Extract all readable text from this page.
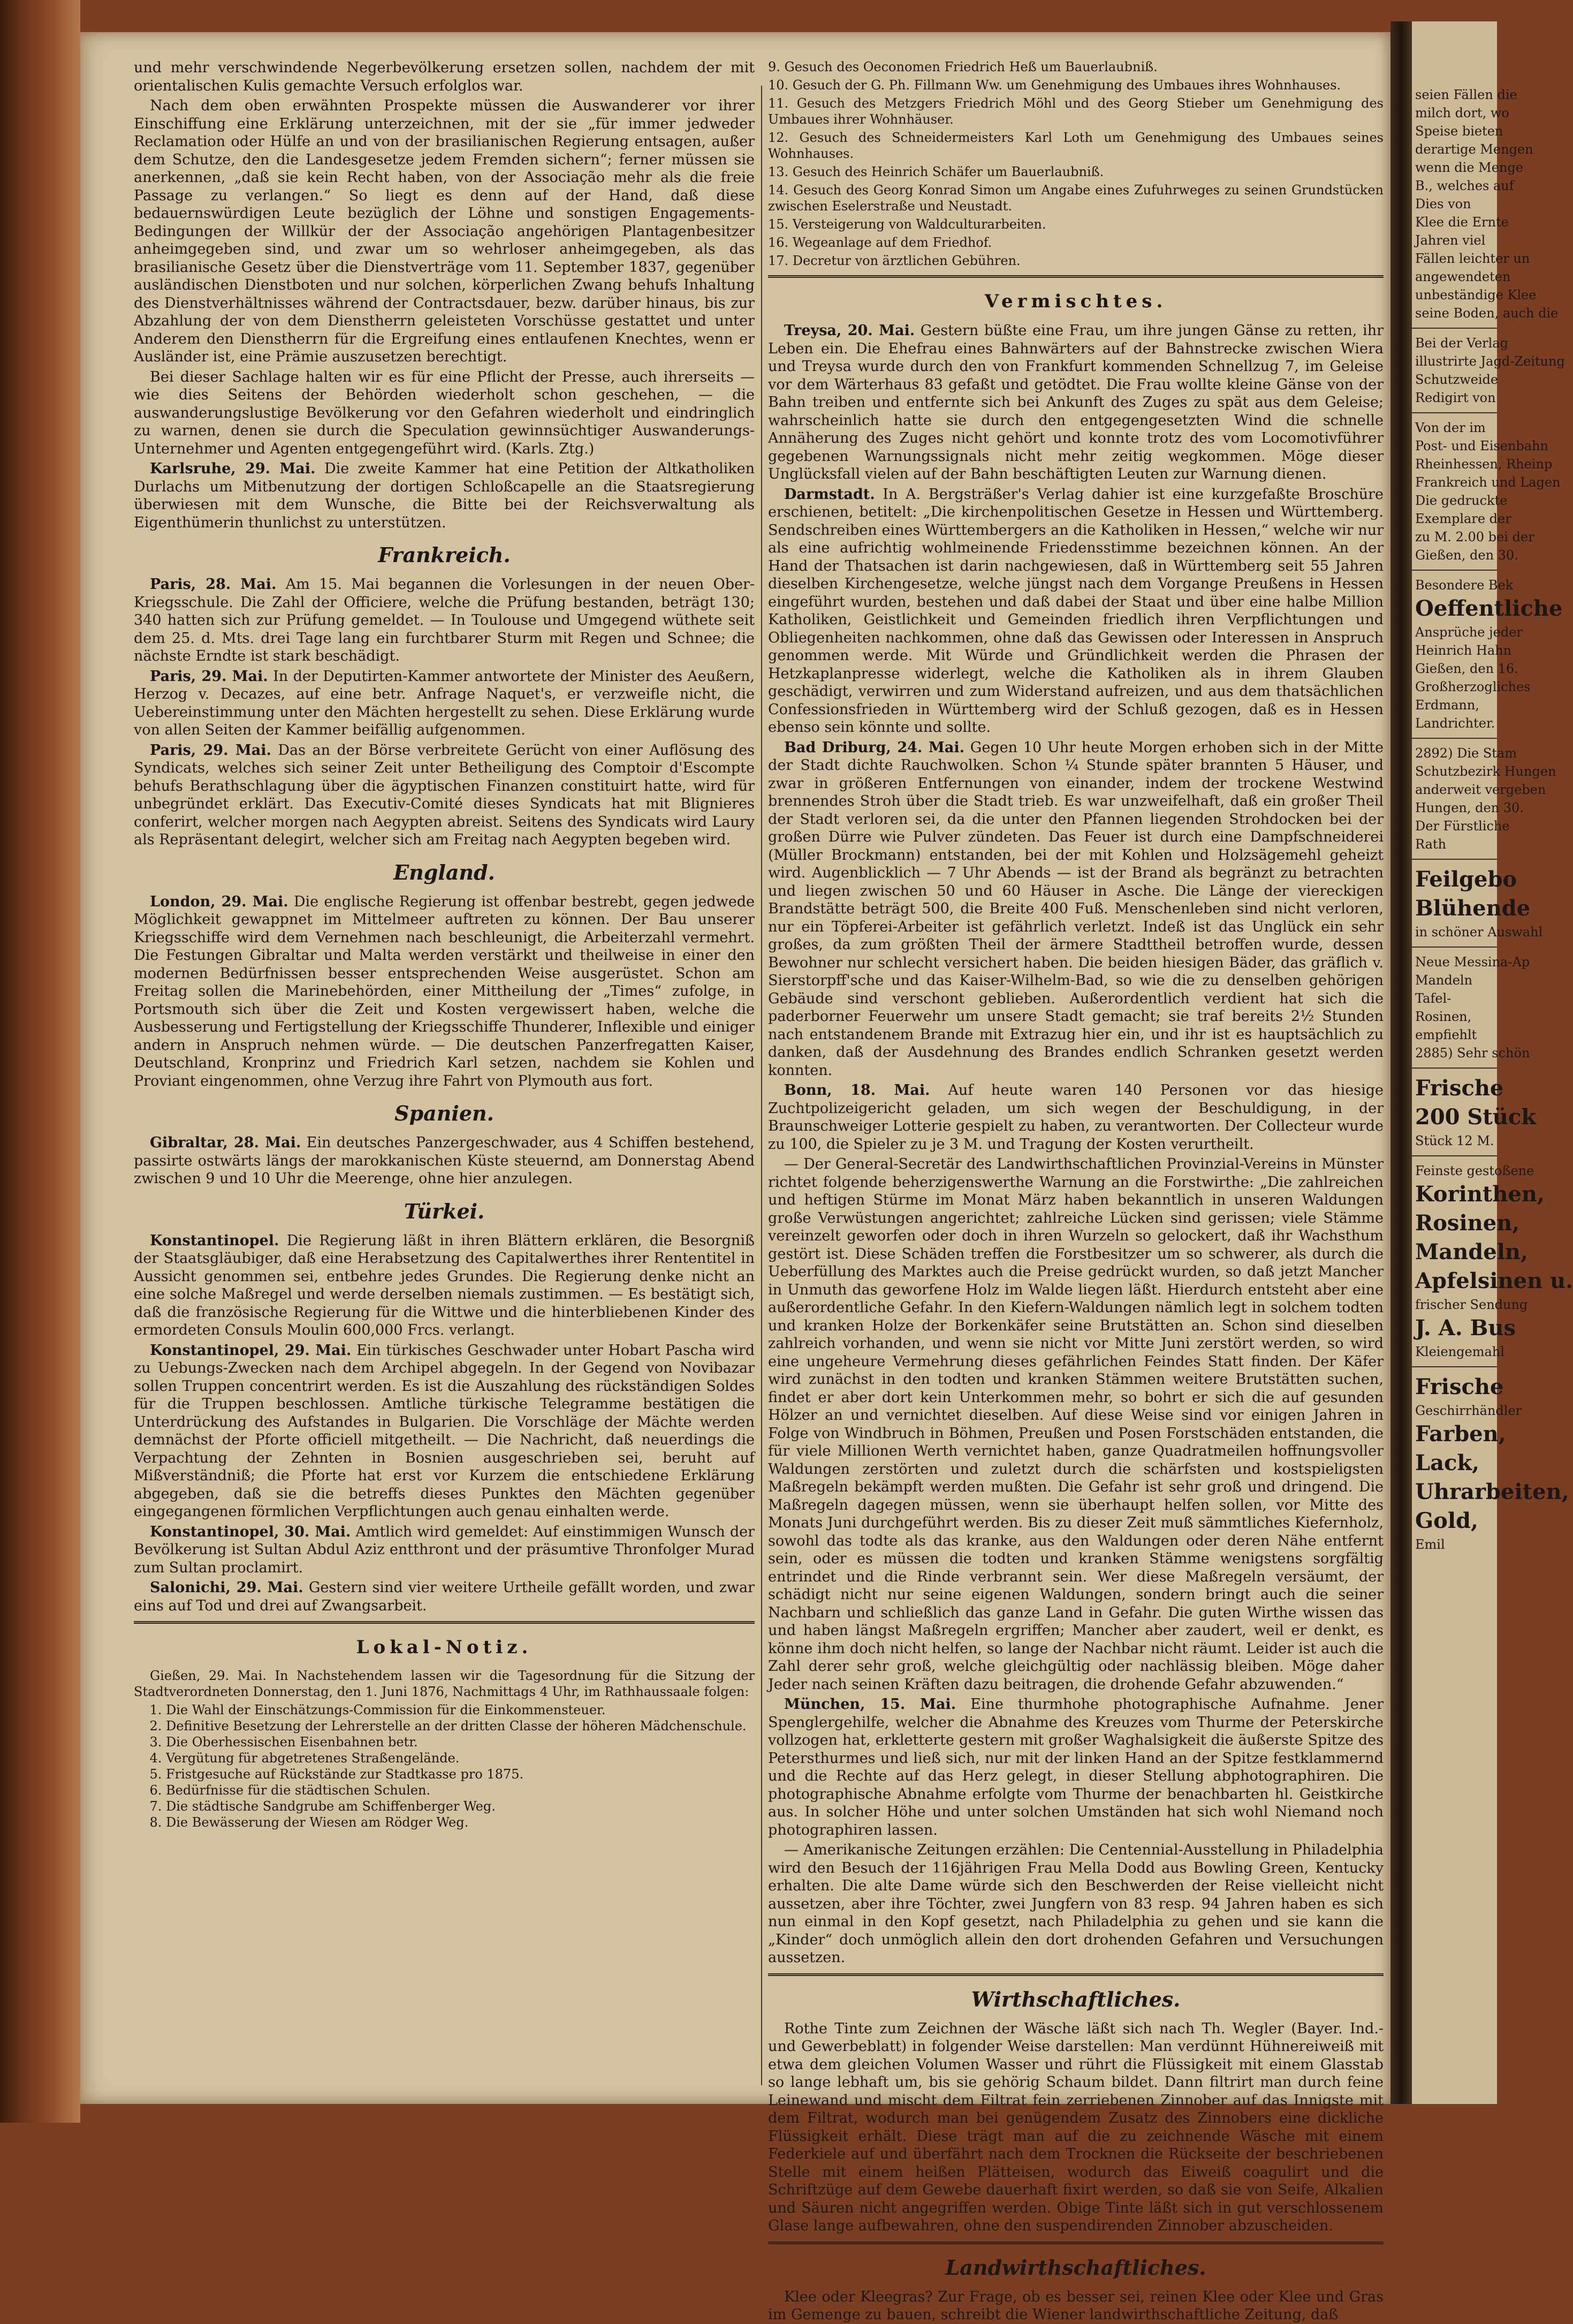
und mehr verschwindende Negerbevölkerung ersetzen sollen, nachdem der mit orientalischen Kulis gemachte Versuch erfolglos war.

Nach dem oben erwähnten Prospekte müssen die Auswanderer vor ihrer Einschiffung eine Erklärung unterzeichnen, mit der sie „für immer jedweder Reclamation oder Hülfe an und von der brasilianischen Regierung entsagen, außer dem Schutze, den die Landesgesetze jedem Fremden sichern“; ferner müssen sie anerkennen, „daß sie kein Recht haben, von der Associação mehr als die freie Passage zu verlangen.“ So liegt es denn auf der Hand, daß diese bedauernswürdigen Leute bezüglich der Löhne und sonstigen Engagements-Bedingungen der Willkür der der Associação angehörigen Plantagenbesitzer anheimgegeben sind, und zwar um so wehrloser anheimgegeben, als das brasilianische Gesetz über die Dienstverträge vom 11. September 1837, gegenüber ausländischen Dienstboten und nur solchen, körperlichen Zwang behufs Inhaltung des Dienstverhältnisses während der Contractsdauer, bezw. darüber hinaus, bis zur Abzahlung der von dem Dienstherrn geleisteten Vorschüsse gestattet und unter Anderem den Dienstherrn für die Ergreifung eines entlaufenen Knechtes, wenn er Ausländer ist, eine Prämie auszusetzen berechtigt.

Bei dieser Sachlage halten wir es für eine Pflicht der Presse, auch ihrerseits — wie dies Seitens der Behörden wiederholt schon geschehen, — die auswanderungslustige Bevölkerung vor den Gefahren wiederholt und eindringlich zu warnen, denen sie durch die Speculation gewinnsüchtiger Auswanderungs-Unternehmer und Agenten entgegengeführt wird. (Karls. Ztg.)

Karlsruhe, 29. Mai. Die zweite Kammer hat eine Petition der Altkatholiken Durlachs um Mitbenutzung der dortigen Schloßcapelle an die Staatsregierung überwiesen mit dem Wunsche, die Bitte bei der Reichsverwaltung als Eigenthümerin thunlichst zu unterstützen.

Frankreich.

Paris, 28. Mai. Am 15. Mai begannen die Vorlesungen in der neuen Ober-Kriegsschule. Die Zahl der Officiere, welche die Prüfung bestanden, beträgt 130; 340 hatten sich zur Prüfung gemeldet. — In Toulouse und Umgegend wüthete seit dem 25. d. Mts. drei Tage lang ein furchtbarer Sturm mit Regen und Schnee; die nächste Erndte ist stark beschädigt.

Paris, 29. Mai. In der Deputirten-Kammer antwortete der Minister des Aeußern, Herzog v. Decazes, auf eine betr. Anfrage Naquet's, er verzweifle nicht, die Uebereinstimmung unter den Mächten hergestellt zu sehen. Diese Erklärung wurde von allen Seiten der Kammer beifällig aufgenommen.

Paris, 29. Mai. Das an der Börse verbreitete Gerücht von einer Auflösung des Syndicats, welches sich seiner Zeit unter Betheiligung des Comptoir d'Escompte behufs Berathschlagung über die ägyptischen Finanzen constituirt hatte, wird für unbegründet erklärt. Das Executiv-Comité dieses Syndicats hat mit Blignieres conferirt, welcher morgen nach Aegypten abreist. Seitens des Syndicats wird Laury als Repräsentant delegirt, welcher sich am Freitag nach Aegypten begeben wird.

England.

London, 29. Mai. Die englische Regierung ist offenbar bestrebt, gegen jedwede Möglichkeit gewappnet im Mittelmeer auftreten zu können. Der Bau unserer Kriegsschiffe wird dem Vernehmen nach beschleunigt, die Arbeiterzahl vermehrt. Die Festungen Gibraltar und Malta werden verstärkt und theilweise in einer den modernen Bedürfnissen besser entsprechenden Weise ausgerüstet. Schon am Freitag sollen die Marinebehörden, einer Mittheilung der „Times“ zufolge, in Portsmouth sich über die Zeit und Kosten vergewissert haben, welche die Ausbesserung und Fertigstellung der Kriegsschiffe Thunderer, Inflexible und einiger andern in Anspruch nehmen würde. — Die deutschen Panzerfregatten Kaiser, Deutschland, Kronprinz und Friedrich Karl setzen, nachdem sie Kohlen und Proviant eingenommen, ohne Verzug ihre Fahrt von Plymouth aus fort.

Spanien.

Gibraltar, 28. Mai. Ein deutsches Panzergeschwader, aus 4 Schiffen bestehend, passirte ostwärts längs der marokkanischen Küste steuernd, am Donnerstag Abend zwischen 9 und 10 Uhr die Meerenge, ohne hier anzulegen.

Türkei.

Konstantinopel. Die Regierung läßt in ihren Blättern erklären, die Besorgniß der Staatsgläubiger, daß eine Herabsetzung des Capitalwerthes ihrer Rententitel in Aussicht genommen sei, entbehre jedes Grundes. Die Regierung denke nicht an eine solche Maßregel und werde derselben niemals zustimmen. — Es bestätigt sich, daß die französische Regierung für die Wittwe und die hinterbliebenen Kinder des ermordeten Consuls Moulin 600,000 Frcs. verlangt.

Konstantinopel, 29. Mai. Ein türkisches Geschwader unter Hobart Pascha wird zu Uebungs-Zwecken nach dem Archipel abgegeln. In der Gegend von Novibazar sollen Truppen concentrirt werden. Es ist die Auszahlung des rückständigen Soldes für die Truppen beschlossen. Amtliche türkische Telegramme bestätigen die Unterdrückung des Aufstandes in Bulgarien. Die Vorschläge der Mächte werden demnächst der Pforte officiell mitgetheilt. — Die Nachricht, daß neuerdings die Verpachtung der Zehnten in Bosnien ausgeschrieben sei, beruht auf Mißverständniß; die Pforte hat erst vor Kurzem die entschiedene Erklärung abgegeben, daß sie die betreffs dieses Punktes den Mächten gegenüber eingegangenen förmlichen Verpflichtungen auch genau einhalten werde.

Konstantinopel, 30. Mai. Amtlich wird gemeldet: Auf einstimmigen Wunsch der Bevölkerung ist Sultan Abdul Aziz entthront und der präsumtive Thronfolger Murad zum Sultan proclamirt.

Salonichi, 29. Mai. Gestern sind vier weitere Urtheile gefällt worden, und zwar eins auf Tod und drei auf Zwangsarbeit.

Lokal-Notiz.

Gießen, 29. Mai. In Nachstehendem lassen wir die Tagesordnung für die Sitzung der Stadtverordneten Donnerstag, den 1. Juni 1876, Nachmittags 4 Uhr, im Rathhaussaale folgen:

1. Die Wahl der Einschätzungs-Commission für die Einkommensteuer.
2. Definitive Besetzung der Lehrerstelle an der dritten Classe der höheren Mädchenschule.
3. Die Oberhessischen Eisenbahnen betr.
4. Vergütung für abgetretenes Straßengelände.
5. Fristgesuche auf Rückstände zur Stadtkasse pro 1875.
6. Bedürfnisse für die städtischen Schulen.
7. Die städtische Sandgrube am Schiffenberger Weg.
8. Die Bewässerung der Wiesen am Rödger Weg.

9. Gesuch des Oeconomen Friedrich Heß um Bauerlaubniß.

10. Gesuch der G. Ph. Fillmann Ww. um Genehmigung des Umbaues ihres Wohnhauses.

11. Gesuch des Metzgers Friedrich Möhl und des Georg Stieber um Genehmigung des Umbaues ihrer Wohnhäuser.

12. Gesuch des Schneidermeisters Karl Loth um Genehmigung des Umbaues seines Wohnhauses.

13. Gesuch des Heinrich Schäfer um Bauerlaubniß.

14. Gesuch des Georg Konrad Simon um Angabe eines Zufuhrweges zu seinen Grundstücken zwischen Eselerstraße und Neustadt.

15. Versteigerung von Waldculturarbeiten.

16. Wegeanlage auf dem Friedhof.

17. Decretur von ärztlichen Gebühren.

Vermischtes.

Treysa, 20. Mai. Gestern büßte eine Frau, um ihre jungen Gänse zu retten, ihr Leben ein. Die Ehefrau eines Bahnwärters auf der Bahnstrecke zwischen Wiera und Treysa wurde durch den von Frankfurt kommenden Schnellzug 7, im Geleise vor dem Wärterhaus 83 gefaßt und getödtet. Die Frau wollte kleine Gänse von der Bahn treiben und entfernte sich bei Ankunft des Zuges zu spät aus dem Geleise; wahrscheinlich hatte sie durch den entgegengesetzten Wind die schnelle Annäherung des Zuges nicht gehört und konnte trotz des vom Locomotivführer gegebenen Warnungssignals nicht mehr zeitig wegkommen. Möge dieser Unglücksfall vielen auf der Bahn beschäftigten Leuten zur Warnung dienen.

Darmstadt. In A. Bergsträßer's Verlag dahier ist eine kurzgefaßte Broschüre erschienen, betitelt: „Die kirchenpolitischen Gesetze in Hessen und Württemberg. Sendschreiben eines Württembergers an die Katholiken in Hessen,“ welche wir nur als eine aufrichtig wohlmeinende Friedensstimme bezeichnen können. An der Hand der Thatsachen ist darin nachgewiesen, daß in Württemberg seit 55 Jahren dieselben Kirchengesetze, welche jüngst nach dem Vorgange Preußens in Hessen eingeführt wurden, bestehen und daß dabei der Staat und über eine halbe Million Katholiken, Geistlichkeit und Gemeinden friedlich ihren Verpflichtungen und Obliegenheiten nachkommen, ohne daß das Gewissen oder Interessen in Anspruch genommen werde. Mit Würde und Gründlichkeit werden die Phrasen der Hetzkaplanpresse widerlegt, welche die Katholiken als in ihrem Glauben geschädigt, verwirren und zum Widerstand aufreizen, und aus dem thatsächlichen Confessionsfrieden in Württemberg wird der Schluß gezogen, daß es in Hessen ebenso sein könnte und sollte.

Bad Driburg, 24. Mai. Gegen 10 Uhr heute Morgen erhoben sich in der Mitte der Stadt dichte Rauchwolken. Schon ¼ Stunde später brannten 5 Häuser, und zwar in größeren Entfernungen von einander, indem der trockene Westwind brennendes Stroh über die Stadt trieb. Es war unzweifelhaft, daß ein großer Theil der Stadt verloren sei, da die unter den Pfannen liegenden Strohdocken bei der großen Dürre wie Pulver zündeten. Das Feuer ist durch eine Dampfschneiderei (Müller Brockmann) entstanden, bei der mit Kohlen und Holzsägemehl geheizt wird. Augenblicklich — 7 Uhr Abends — ist der Brand als begränzt zu betrachten und liegen zwischen 50 und 60 Häuser in Asche. Die Länge der viereckigen Brandstätte beträgt 500, die Breite 400 Fuß. Menschenleben sind nicht verloren, nur ein Töpferei-Arbeiter ist gefährlich verletzt. Indeß ist das Unglück ein sehr großes, da zum größten Theil der ärmere Stadttheil betroffen wurde, dessen Bewohner nur schlecht versichert haben. Die beiden hiesigen Bäder, das gräflich v. Sierstorpff'sche und das Kaiser-Wilhelm-Bad, so wie die zu denselben gehörigen Gebäude sind verschont geblieben. Außerordentlich verdient hat sich die paderborner Feuerwehr um unsere Stadt gemacht; sie traf bereits 2½ Stunden nach entstandenem Brande mit Extrazug hier ein, und ihr ist es hauptsächlich zu danken, daß der Ausdehnung des Brandes endlich Schranken gesetzt werden konnten.

Bonn, 18. Mai. Auf heute waren 140 Personen vor das hiesige Zuchtpolizeigericht geladen, um sich wegen der Beschuldigung, in der Braunschweiger Lotterie gespielt zu haben, zu verantworten. Der Collecteur wurde zu 100, die Spieler zu je 3 M. und Tragung der Kosten verurtheilt.

— Der General-Secretär des Landwirthschaftlichen Provinzial-Vereins in Münster richtet folgende beherzigenswerthe Warnung an die Forstwirthe: „Die zahlreichen und heftigen Stürme im Monat März haben bekanntlich in unseren Waldungen große Verwüstungen angerichtet; zahlreiche Lücken sind gerissen; viele Stämme vereinzelt geworfen oder doch in ihren Wurzeln so gelockert, daß ihr Wachsthum gestört ist. Diese Schäden treffen die Forstbesitzer um so schwerer, als durch die Ueberfüllung des Marktes auch die Preise gedrückt wurden, so daß jetzt Mancher in Unmuth das geworfene Holz im Walde liegen läßt. Hierdurch entsteht aber eine außerordentliche Gefahr. In den Kiefern-Waldungen nämlich legt in solchem todten und kranken Holze der Borkenkäfer seine Brutstätten an. Schon sind dieselben zahlreich vorhanden, und wenn sie nicht vor Mitte Juni zerstört werden, so wird eine ungeheure Vermehrung dieses gefährlichen Feindes Statt finden. Der Käfer wird zunächst in den todten und kranken Stämmen weitere Brutstätten suchen, findet er aber dort kein Unterkommen mehr, so bohrt er sich die auf gesunden Hölzer an und vernichtet dieselben. Auf diese Weise sind vor einigen Jahren in Folge von Windbruch in Böhmen, Preußen und Posen Forstschäden entstanden, die für viele Millionen Werth vernichtet haben, ganze Quadratmeilen hoffnungsvoller Waldungen zerstörten und zuletzt durch die schärfsten und kostspieligsten Maßregeln bekämpft werden mußten. Die Gefahr ist sehr groß und dringend. Die Maßregeln dagegen müssen, wenn sie überhaupt helfen sollen, vor Mitte des Monats Juni durchgeführt werden. Bis zu dieser Zeit muß sämmtliches Kiefernholz, sowohl das todte als das kranke, aus den Waldungen oder deren Nähe entfernt sein, oder es müssen die todten und kranken Stämme wenigstens sorgfältig entrindet und die Rinde verbrannt sein. Wer diese Maßregeln versäumt, der schädigt nicht nur seine eigenen Waldungen, sondern bringt auch die seiner Nachbarn und schließlich das ganze Land in Gefahr. Die guten Wirthe wissen das und haben längst Maßregeln ergriffen; Mancher aber zaudert, weil er denkt, es könne ihm doch nicht helfen, so lange der Nachbar nicht räumt. Leider ist auch die Zahl derer sehr groß, welche gleichgültig oder nachlässig bleiben. Möge daher Jeder nach seinen Kräften dazu beitragen, die drohende Gefahr abzuwenden.“

München, 15. Mai. Eine thurmhohe photographische Aufnahme. Jener Spenglergehilfe, welcher die Abnahme des Kreuzes vom Thurme der Peterskirche vollzogen hat, erkletterte gestern mit großer Waghalsigkeit die äußerste Spitze des Petersthurmes und ließ sich, nur mit der linken Hand an der Spitze festklammernd und die Rechte auf das Herz gelegt, in dieser Stellung abphotographiren. Die photographische Abnahme erfolgte vom Thurme der benachbarten hl. Geistkirche aus. In solcher Höhe und unter solchen Umständen hat sich wohl Niemand noch photographiren lassen.

— Amerikanische Zeitungen erzählen: Die Centennial-Ausstellung in Philadelphia wird den Besuch der 116jährigen Frau Mella Dodd aus Bowling Green, Kentucky erhalten. Die alte Dame würde sich den Beschwerden der Reise vielleicht nicht aussetzen, aber ihre Töchter, zwei Jungfern von 83 resp. 94 Jahren haben es sich nun einmal in den Kopf gesetzt, nach Philadelphia zu gehen und sie kann die „Kinder“ doch unmöglich allein den dort drohenden Gefahren und Versuchungen aussetzen.

Wirthschaftliches.

Rothe Tinte zum Zeichnen der Wäsche läßt sich nach Th. Wegler (Bayer. Ind.- und Gewerbeblatt) in folgender Weise darstellen: Man verdünnt Hühnereiweiß mit etwa dem gleichen Volumen Wasser und rührt die Flüssigkeit mit einem Glasstab so lange lebhaft um, bis sie gehörig Schaum bildet. Dann filtrirt man durch feine Leinewand und mischt dem Filtrat fein zerriebenen Zinnober auf das Innigste mit dem Filtrat, wodurch man bei genügendem Zusatz des Zinnobers eine dickliche Flüssigkeit erhält. Diese trägt man auf die zu zeichnende Wäsche mit einem Federkiele auf und überfährt nach dem Trocknen die Rückseite der beschriebenen Stelle mit einem heißen Plätteisen, wodurch das Eiweiß coagulirt und die Schriftzüge auf dem Gewebe dauerhaft fixirt werden, so daß sie von Seife, Alkalien und Säuren nicht angegriffen werden. Obige Tinte läßt sich in gut verschlossenem Glase lange aufbewahren, ohne den suspendirenden Zinnober abzuscheiden.

Landwirthschaftliches.

Klee oder Kleegras? Zur Frage, ob es besser sei, reinen Klee oder Klee und Gras im Gemenge zu bauen, schreibt die Wiener landwirthschaftliche Zeitung, daß

seien Fällen die
milch dort, wo
Speise bieten
derartige Mengen
wenn die Menge
B., welches auf
Dies von
Klee die Ernte
Jahren viel
Fällen leichter un
angewendeten
unbeständige Klee
seine Boden, auch die
Bei der Verlag
illustrirte Jagd-Zeitung
Schutzweide
Redigirt von
Von der im
Post- und Eisenbahn
Rheinhessen, Rheinp
Frankreich und Lagen
Die gedruckte
Exemplare der
zu M. 2.00 bei der
Gießen, den 30.
Besondere Bek
Oeffentliche
Ansprüche jeder
Heinrich Hahn
Gießen, den 16.
Großherzogliches
Erdmann,
Landrichter.
2892) Die Stam
Schutzbezirk Hungen
anderweit vergeben
Hungen, den 30.
Der Fürstliche
Rath
Feilgebo
Blühende
in schöner Auswahl
Neue Messina-Ap
Mandeln
Tafel-
Rosinen,
empfiehlt
2885) Sehr schön
Frische
200 Stück
Stück 12 M.
Feinste gestoßene
Korinthen,
Rosinen,
Mandeln,
Apfelsinen u.
frischer Sendung
J. A. Bus
Kleiengemahl
Frische
Geschirrhändler
Farben,
Lack,
Uhrarbeiten,
Gold,
Emil
